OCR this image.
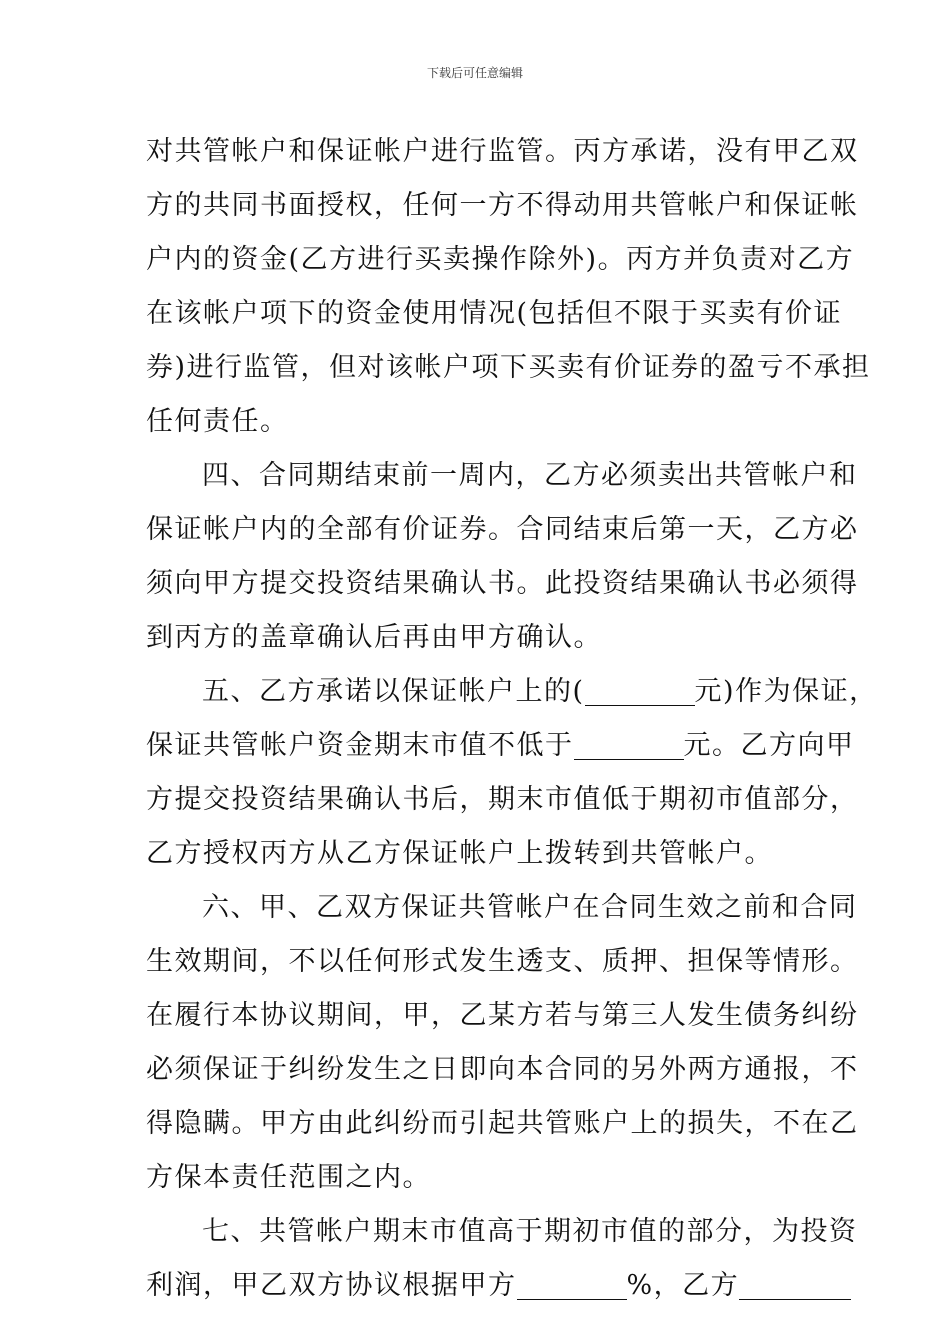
下载后可任意编辑

对共管帐户和保证帐户进行监管。丙方承诺，没有甲乙双
方的共同书面授权，任何一方不得动用共管帐户和保证帐
户内的资金(乙方进行买卖操作除外)。丙方并负责对乙方
在该帐户项下的资金使用情况(包括但不限于买卖有价证
券)进行监管，但对该帐户项下买卖有价证券的盈亏不承担
任何责任。

四、合同期结束前一周内，乙方必须卖出共管帐户和
保证帐户内的全部有价证券。合同结束后第一天，乙方必
须向甲方提交投资结果确认书。此投资结果确认书必须得
到丙方的盖章确认后再由甲方确认。

五、乙方承诺以保证帐户上的(	元)作为保证，
保证共管帐户资金期末市值不低于	元。乙方向甲
方提交投资结果确认书后，期末市值低于期初市值部分，
乙方授权丙方从乙方保证帐户上拨转到共管帐户。

六、甲、乙双方保证共管帐户在合同生效之前和合同
生效期间，不以任何形式发生透支、质押、担保等情形。
在履行本协议期间，甲，乙某方若与第三人发生债务纠纷
必须保证于纠纷发生之日即向本合同的另外两方通报，不
得隐瞒。甲方由此纠纷而引起共管账户上的损失，不在乙
方保本责任范围之内。

七、共管帐户期末市值高于期初市值的部分，为投资
利润，甲乙双方协议根据甲方	%，乙方
